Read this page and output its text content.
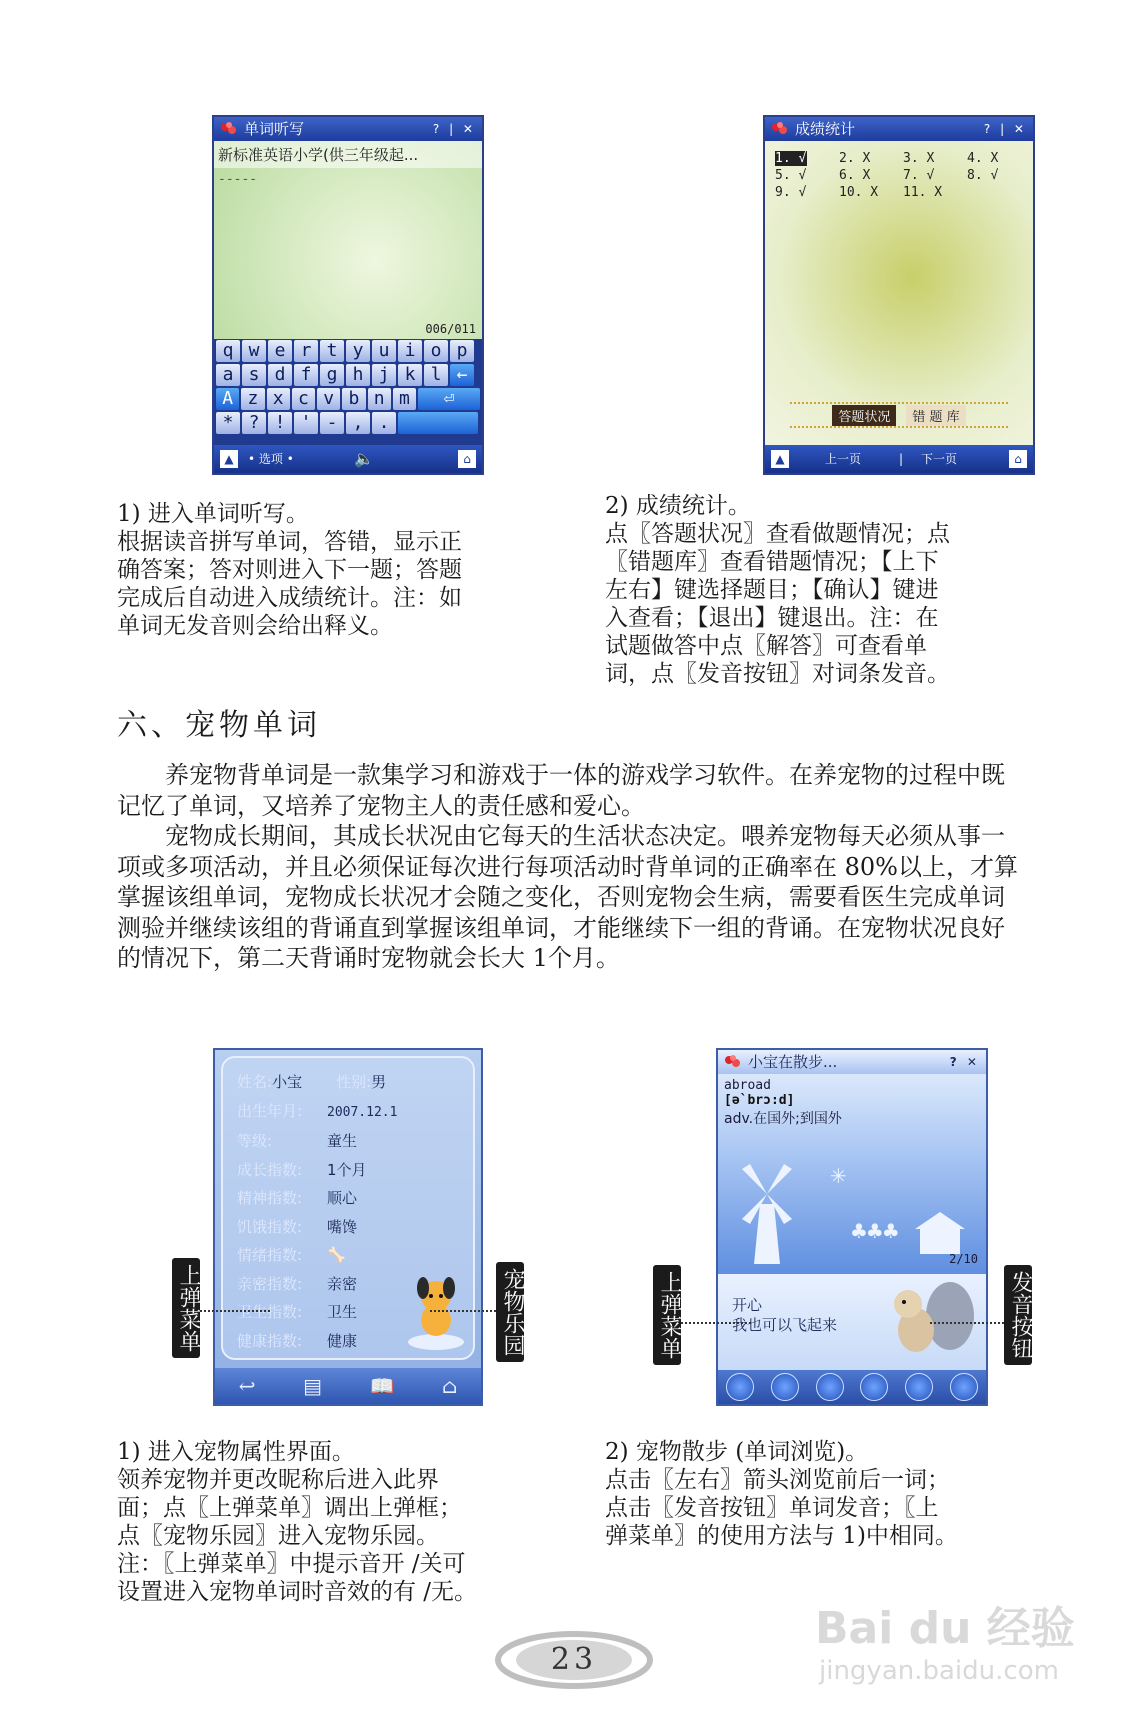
单词听写	? | ✕
新标准英语小学(供三年级起...
-----
006/011
q w e r t y u i o p
a s d f g h j k l ←
A z x c v b n m	⏎
* ? ! ' - , .
▲	• 选项 •	🔈	⌂
成绩统计	? | ✕
1. √	2. X	3. X	4. X
5. √	6. X	7. √	8. √
9. √	10. X	11. X
答题状况	错 题 库
▲	上一页	| 下一页	⌂
1) 进入单词听写。
根据读音拼写单词，答错，显示正
确答案；答对则进入下一题；答题
完成后自动进入成绩统计。注：如
单词无发音则会给出释义。
2) 成绩统计。
点〖答题状况〗查看做题情况；点
〖错题库〗查看错题情况；【上下
左右】键选择题目；【确认】键进
入查看；【退出】键退出。注：在
试题做答中点〖解答〗可查看单
词，点〖发音按钮〗对词条发音。
六、宠物单词

养宠物背单词是一款集学习和游戏于一体的游戏学习软件。在养宠物的过程中既记忆了单词，又培养了宠物主人的责任感和爱心。

宠物成长期间，其成长状况由它每天的生活状态决定。喂养宠物每天必须从事一项或多项活动，并且必须保证每次进行每项活动时背单词的正确率在 80%以上，才算掌握该组单词，宠物成长状况才会随之变化，否则宠物会生病，需要看医生完成单词测验并继续该组的背诵直到掌握该组单词，才能继续下一组的背诵。在宠物状况良好的情况下，第二天背诵时宠物就会长大 1个月。

姓名:小宝 性别:男
出生年月: 2007.12.1
等级:	童生
成长指数: 1个月
精神指数: 顺心
饥饿指数: 嘴馋
情绪指数: 🦴
亲密指数: 亲密
卫生指数: 卫生
健康指数: 健康
↩ ▤ 📖 ⌂
上弹菜单	宠物乐园
小宝在散步...	? ✕
abroad
[ə`brɔ:d]
adv.在国外;到国外
✳
♣♣♣
2/10
开心
我也可以飞起来
上弹菜单	发音按钮
1) 进入宠物属性界面。
领养宠物并更改昵称后进入此界
面；点〖上弹菜单〗调出上弹框；
点〖宠物乐园〗进入宠物乐园。
注：〖上弹菜单〗中提示音开 /关可
设置进入宠物单词时音效的有 /无。
2) 宠物散步 (单词浏览)。
点击〖左右〗箭头浏览前后一词；
点击〖发音按钮〗单词发音；〖上
弹菜单〗的使用方法与 1)中相同。
23
Bai du 经验
jingyan.baidu.com
